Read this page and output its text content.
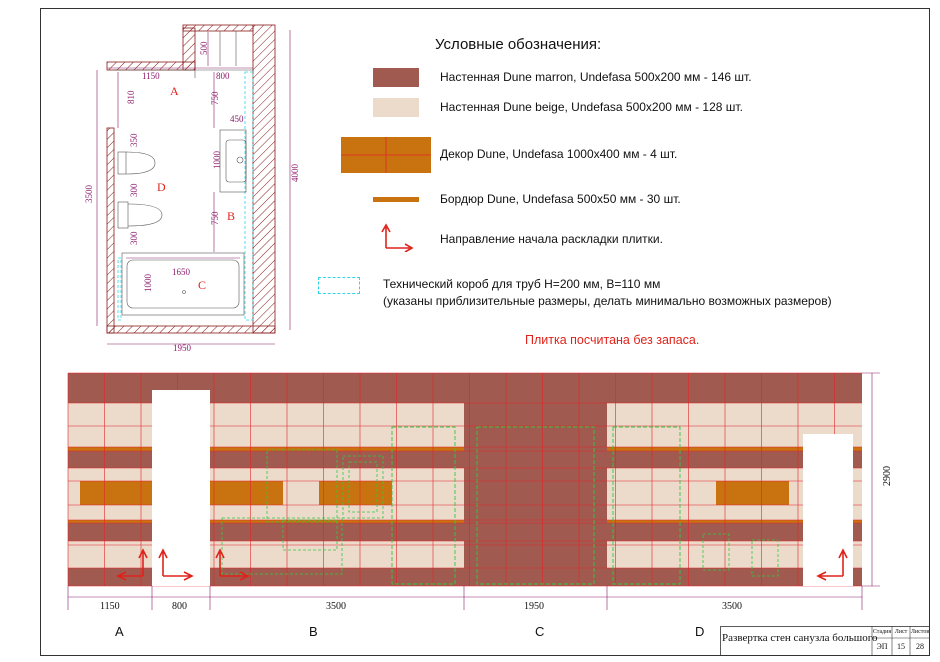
500
1150	800
810	750
450
350
1000
300
300
750
3500
4000
1650
1000
1950
A
D
B
C
Условные обозначения:
Настенная Dune marron, Undefasa 500х200 мм - 146 шт.
Настенная Dune beige, Undefasa 500х200 мм - 128 шт.
Декор Dune, Undefasa 1000х400 мм - 4 шт.
Бордюр Dune, Undefasa 500х50 мм - 30 шт.
Направление начала раскладки плитки.
Технический короб для труб H=200 мм, B=110 мм
(указаны приблизительные размеры, делать минимально возможных размеров)
Плитка посчитана без запаса.
1150	800	3500	1950	3500
2900
A	B	C	D Развертка стен санузла большого
Стадия Лист Листов
ЭП	15	28
